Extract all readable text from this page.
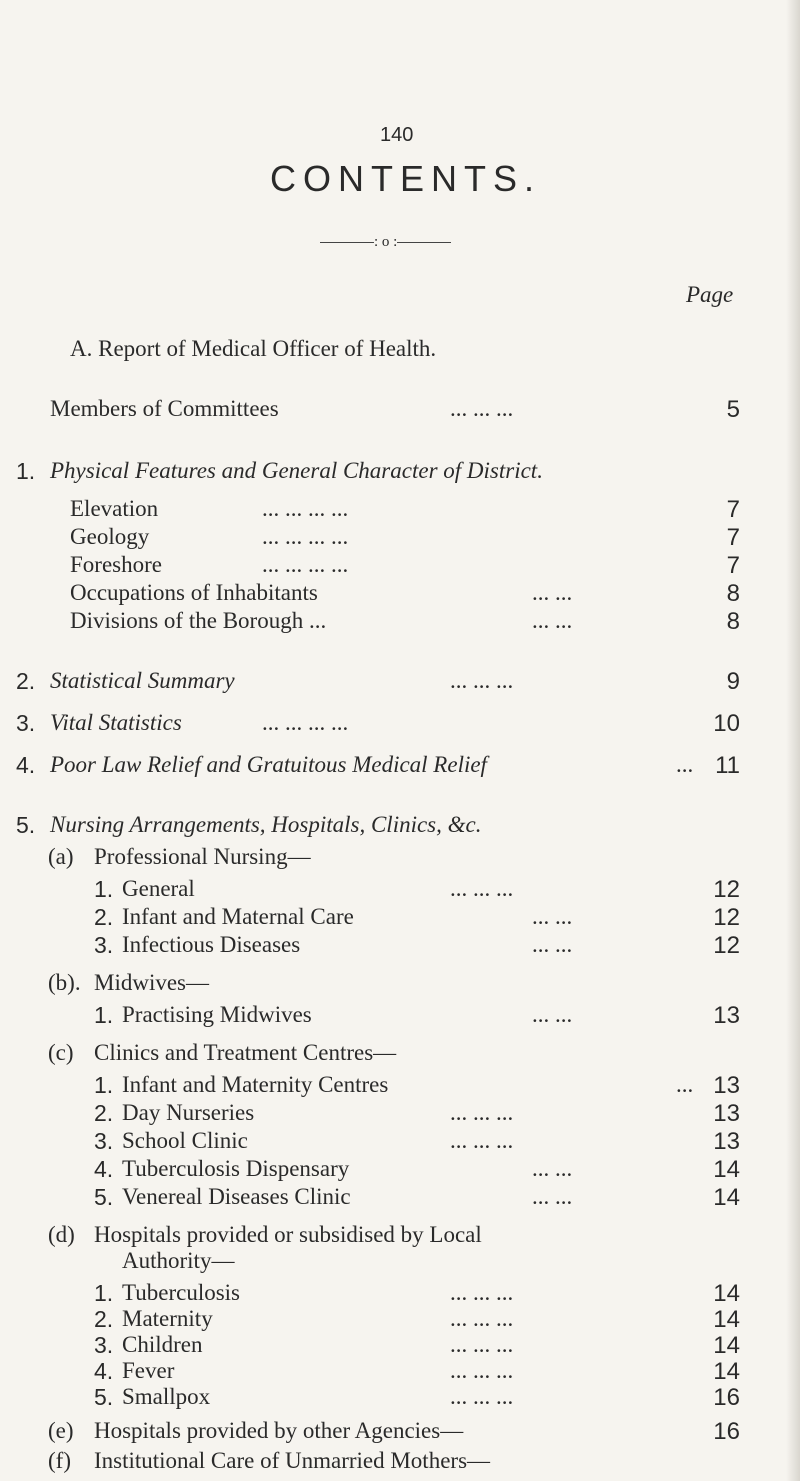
140
CONTENTS.
: o :
Page
A. Report of Medical Officer of Health.
Members of Committees	... ... ...	5
1. Physical Features and General Character of District.
Elevation	... ... ... ...	7
Geology	... ... ... ...	7
Foreshore	... ... ... ...	7
Occupations of Inhabitants	... ...	8
Divisions of the Borough ...	... ...	8
2. Statistical Summary	... ... ...	9
3. Vital Statistics	... ... ... ...	10
4. Poor Law Relief and Gratuitous Medical Relief	... 11
5. Nursing Arrangements, Hospitals, Clinics, &c.
(a) Professional Nursing—
1. General	... ... ...	12
2. Infant and Maternal Care	... ...	12
3. Infectious Diseases	... ...	12
(b). Midwives—
1. Practising Midwives	... ...	13
(c) Clinics and Treatment Centres—
1. Infant and Maternity Centres	... 13
2. Day Nurseries	... ... ...	13
3. School Clinic	... ... ...	13
4. Tuberculosis Dispensary	... ...	14
5. Venereal Diseases Clinic	... ...	14
(d) Hospitals provided or subsidised by Local
Authority—
1. Tuberculosis	... ... ...	14
2. Maternity	... ... ...	14
3. Children	... ... ...	14
4. Fever	... ... ...	14
5. Smallpox	... ... ...	16
(e) Hospitals provided by other Agencies—	16
(f) Institutional Care of Unmarried Mothers—
